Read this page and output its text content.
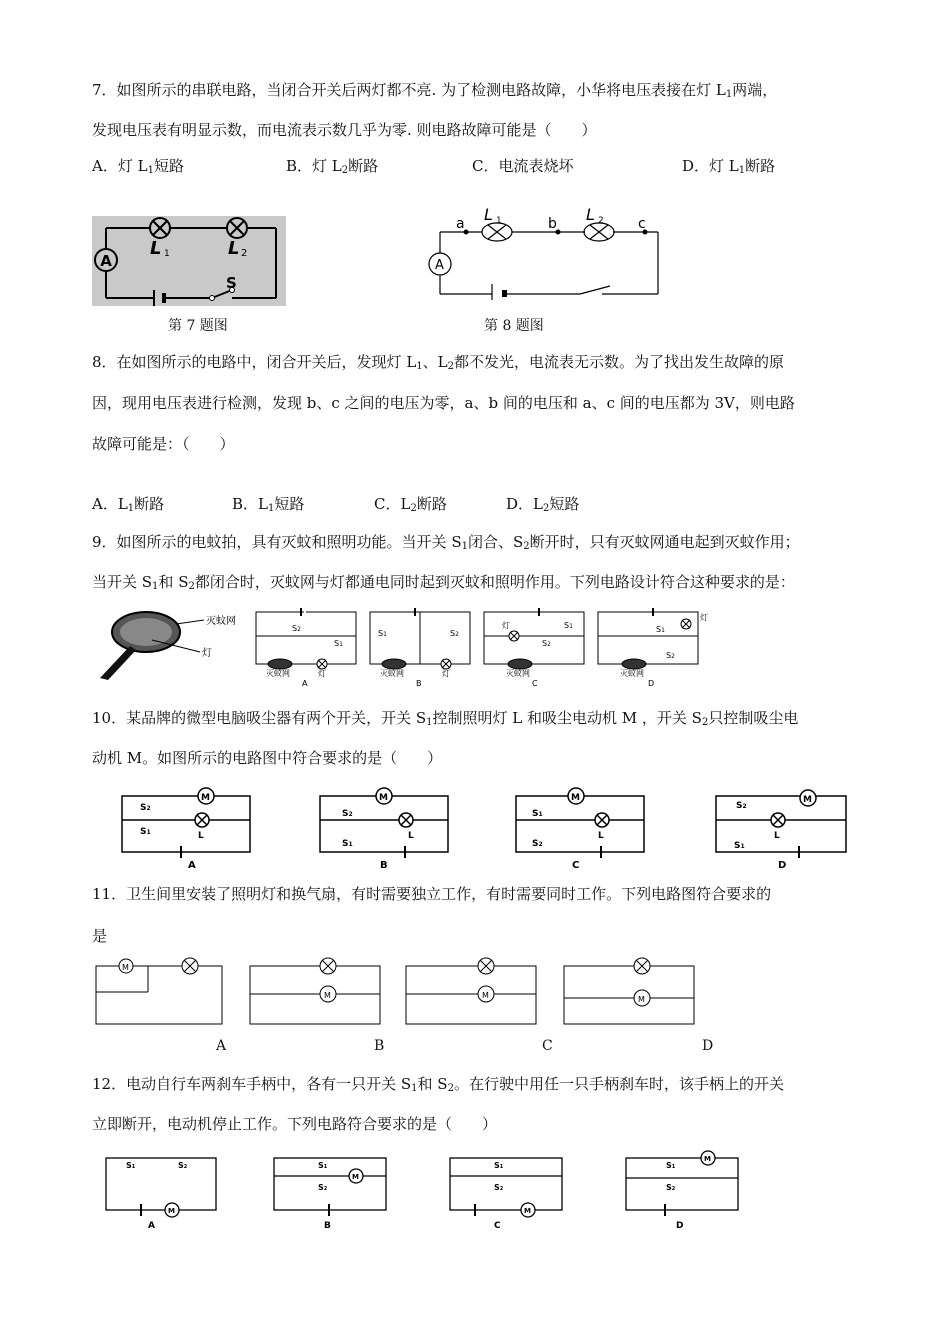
7．如图所示的串联电路，当闭合开关后两灯都不亮. 为了检测电路故障，小华将电压表接在灯 $L_1$两端，
发现电压表有明显示数，而电流表示数几乎为零. 则电路故障可能是（　　）
A．灯 $L_1$短路	B．灯 $L_2$断路	C．电流表烧坏	D．灯 $L_1$断路
A
L 1	L 2
S
第 7 题图
a	b	c
L 1	L 2
A
第 8 题图
8．在如图所示的电路中，闭合开关后，发现灯 $L_1$、$L_2$都不发光，电流表无示数。为了找出发生故障的原
因，现用电压表进行检测，发现 b、c 之间的电压为零，a、b 间的电压和 a、c 间的电压都为 3V，则电路
故障可能是：（　　）
A．$L_1$断路	B．$L_1$短路	C．$L_2$断路	D．$L_2$短路
9．如图所示的电蚊拍，具有灭蚊和照明功能。当开关 $S_1$闭合、$S_2$断开时，只有灭蚊网通电起到灭蚊作用；
当开关 $S_1$和 $S_2$都闭合时，灭蚊网与灯都通电同时起到灭蚊和照明作用。下列电路设计符合这种要求的是：
灭蚊网
灯
S2
S1
灭蚊网	灯
A
S1	S2
灭蚊网	灯
B
灯
S2
S1
灭蚊网
C
灯
S1
S2
灭蚊网
D
10．某品牌的微型电脑吸尘器有两个开关，开关 $S_1$控制照明灯 L 和吸尘电动机 M ，开关 $S_2$只控制吸尘电
动机 M。如图所示的电路图中符合要求的是（　　）
M
S2
S1	L
A
M
S2
S1
L
B
M
S1
S2
L
C
M
S2
S1
L
D
11．卫生间里安装了照明灯和换气扇，有时需要独立工作，有时需要同时工作。下列电路图符合要求的
是
M
A
M
B
M
C
M
D
12．电动自行车两刹车手柄中，各有一只开关 $S_1$和 $S_2$。在行驶中用任一只手柄刹车时，该手柄上的开关
立即断开，电动机停止工作。下列电路符合要求的是（　　）
S1	S2
M
A
S1
S2
M
B
S1
S2
M
C
S1
S2
M
D
